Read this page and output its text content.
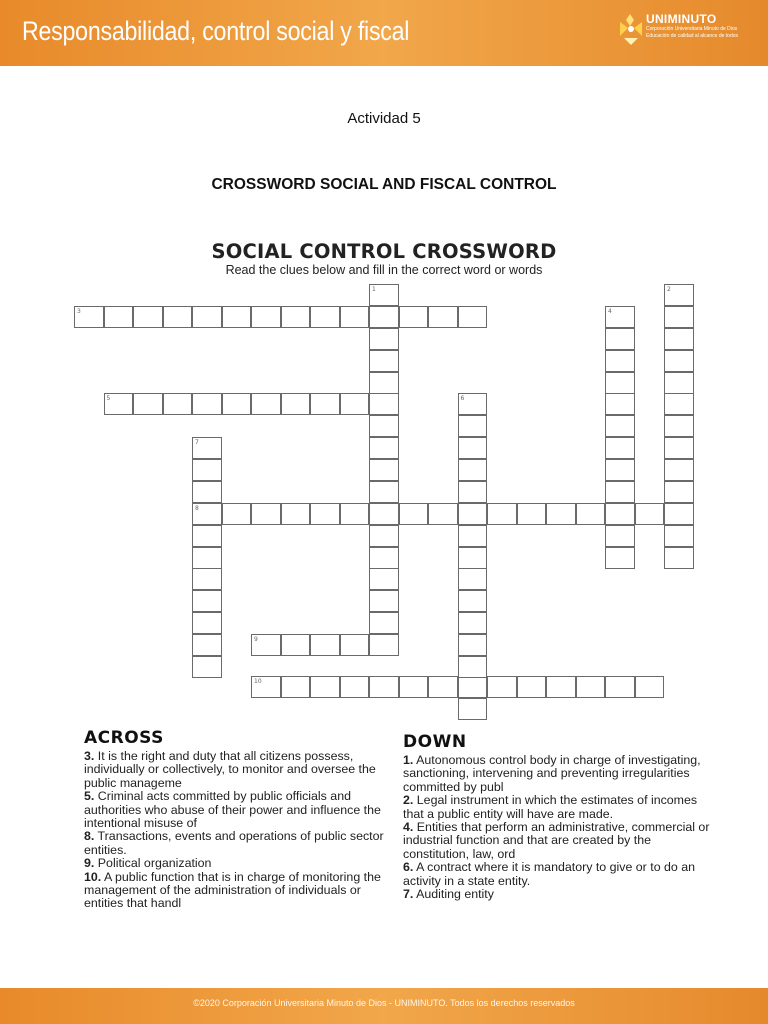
Responsabilidad, control social y fiscal	UNIMINUTO
Corporación Universitaria Minuto de Dios
Educación de calidad al alcance de todos
Actividad 5
CROSSWORD SOCIAL AND FISCAL CONTROL
SOCIAL CONTROL CROSSWORD
Read the clues below and fill in the correct word or words
3
5
8
9
10
1	2
4
6
7
ACROSS
3. It is the right and duty that all citizens possess, individually or collectively, to monitor and oversee the public manageme
5. Criminal acts committed by public officials and authorities who abuse of their power and influence the intentional misuse of
8. Transactions, events and operations of public sector entities.
9. Political organization
10. A public function that is in charge of monitoring the management of the administration of individuals or entities that handl
DOWN
1. Autonomous control body in charge of investigating, sanctioning, intervening and preventing irregularities committed by publ
2. Legal instrument in which the estimates of incomes that a public entity will have are made.
4. Entities that perform an administrative, commercial or industrial function and that are created by the constitution, law, ord
6. A contract where it is mandatory to give or to do an activity in a state entity.
7. Auditing entity
©2020 Corporación Universitaria Minuto de Dios - UNIMINUTO. Todos los derechos reservados
